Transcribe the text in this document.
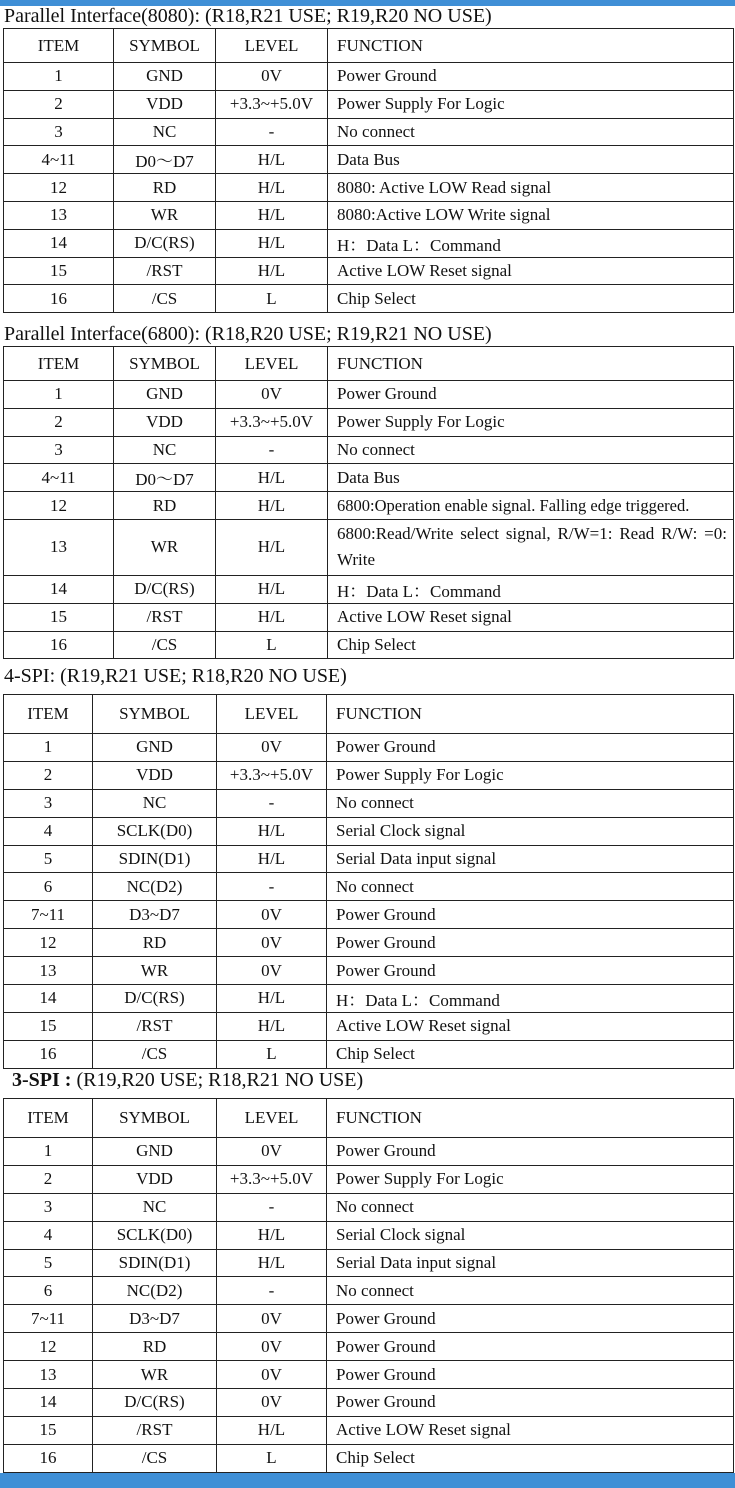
Parallel Interface(8080): (R18,R21 USE; R19,R20 NO USE)
ITEM	SYMBOL	LEVEL	FUNCTION
1	GND	0V	Power Ground
2	VDD	+3.3~+5.0V	Power Supply For Logic
3	NC	-	No connect
4~11	D0～D7	H/L	Data Bus
12	RD	H/L	8080: Active LOW Read signal
13	WR	H/L	8080:Active LOW Write signal
14	D/C(RS)	H/L	H：Data L：Command
15	/RST	H/L	Active LOW Reset signal
16	/CS	L	Chip Select
Parallel Interface(6800): (R18,R20 USE; R19,R21 NO USE)
ITEM	SYMBOL	LEVEL	FUNCTION
1	GND	0V	Power Ground
2	VDD	+3.3~+5.0V	Power Supply For Logic
3	NC	-	No connect
4~11	D0～D7	H/L	Data Bus
12	RD	H/L	6800:Operation enable signal. Falling edge triggered.
13	WR	H/L	6800:Read/Write select signal, R/W=1: Read R/W: =0: Write
14	D/C(RS)	H/L	H：Data L：Command
15	/RST	H/L	Active LOW Reset signal
16	/CS	L	Chip Select
4-SPI: (R19,R21 USE; R18,R20 NO USE)
ITEM	SYMBOL	LEVEL	FUNCTION
1	GND	0V	Power Ground
2	VDD	+3.3~+5.0V	Power Supply For Logic
3	NC	-	No connect
4	SCLK(D0)	H/L	Serial Clock signal
5	SDIN(D1)	H/L	Serial Data input signal
6	NC(D2)	-	No connect
7~11	D3~D7	0V	Power Ground
12	RD	0V	Power Ground
13	WR	0V	Power Ground
14	D/C(RS)	H/L	H：Data L：Command
15	/RST	H/L	Active LOW Reset signal
16	/CS	L	Chip Select
3-SPI : (R19,R20 USE; R18,R21 NO USE)
ITEM	SYMBOL	LEVEL	FUNCTION
1	GND	0V	Power Ground
2	VDD	+3.3~+5.0V	Power Supply For Logic
3	NC	-	No connect
4	SCLK(D0)	H/L	Serial Clock signal
5	SDIN(D1)	H/L	Serial Data input signal
6	NC(D2)	-	No connect
7~11	D3~D7	0V	Power Ground
12	RD	0V	Power Ground
13	WR	0V	Power Ground
14	D/C(RS)	0V	Power Ground
15	/RST	H/L	Active LOW Reset signal
16	/CS	L	Chip Select
